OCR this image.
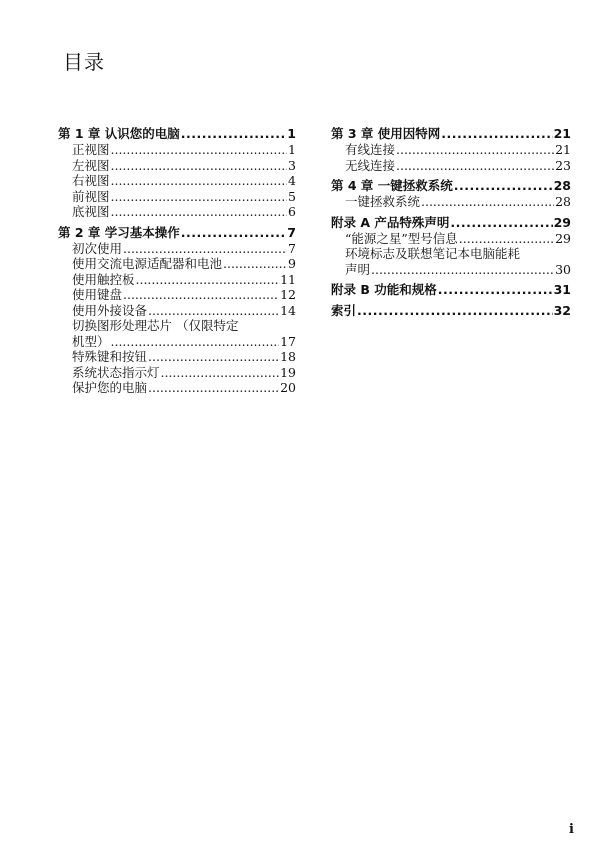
目录
第 1 章 认识您的电脑 .....	1
正视图 .....	1
左视图 .....	3
右视图 .....	4
前视图 .....	5
底视图 .....	6
第 2 章 学习基本操作 .....	7
初次使用 .....	7
使用交流电源适配器和电池 .....	9
使用触控板 .....	11
使用键盘 .....	12
使用外接设备 .....	14
切换图形处理芯片 （仅限特定
机型） .....	17
特殊键和按钮 .....	18
系统状态指示灯 .....	19
保护您的电脑 .....	20
第 3 章 使用因特网 .....	21
有线连接 .....	21
无线连接 .....	23
第 4 章 一键拯救系统 .....	28
一键拯救系统 .....	28
附录 A 产品特殊声明 .....	29
“能源之星”型号信息 .....	29
环境标志及联想笔记本电脑能耗
声明 .....	30
附录 B 功能和规格 .....	31
索引 .....	32
i
